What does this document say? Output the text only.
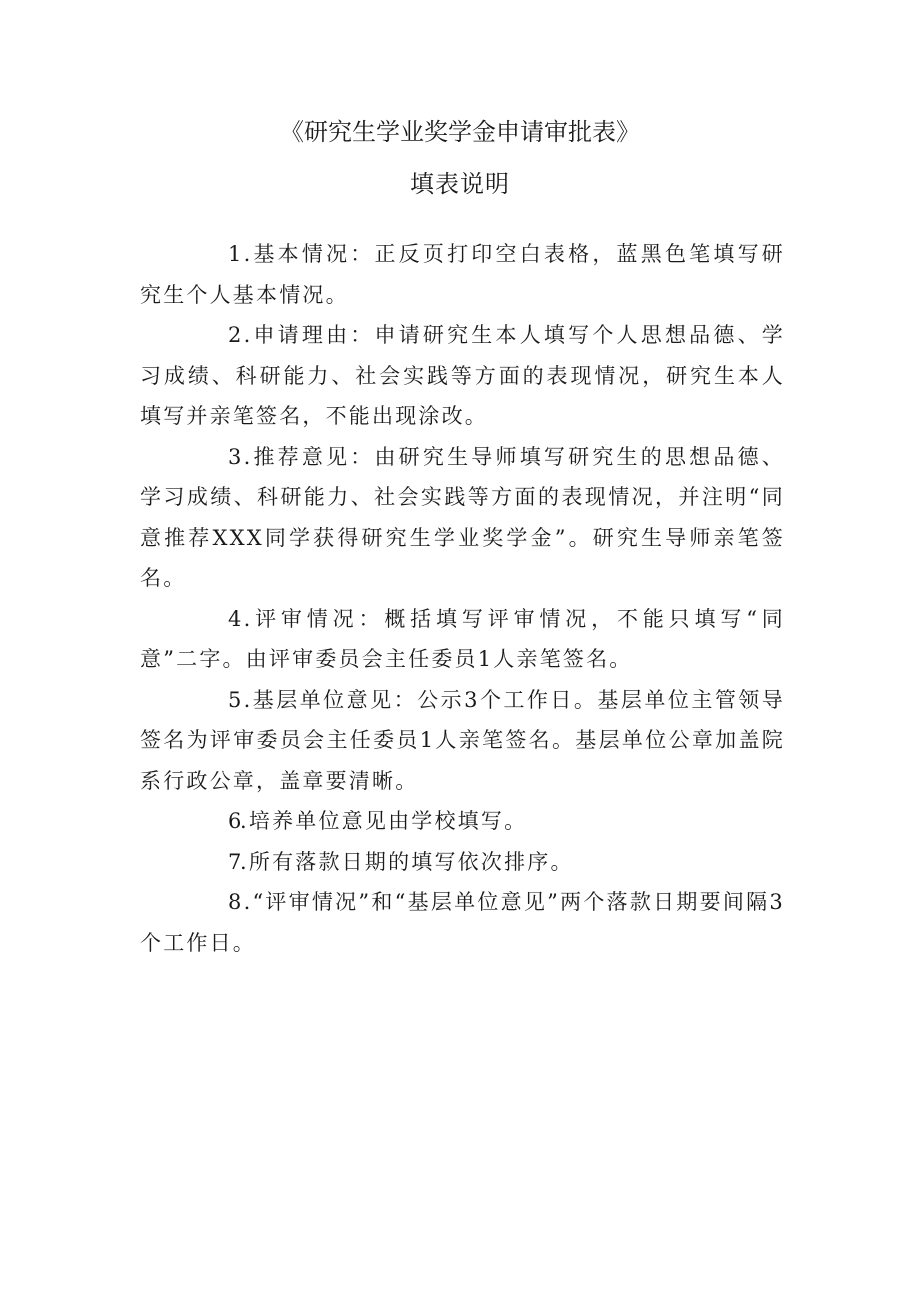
《研究生学业奖学金申请审批表》
填表说明

1.基本情况：正反页打印空白表格，蓝黑色笔填写研究生个人基本情况。

2.申请理由：申请研究生本人填写个人思想品德、学习成绩、科研能力、社会实践等方面的表现情况，研究生本人填写并亲笔签名，不能出现涂改。

3.推荐意见：由研究生导师填写研究生的思想品德、学习成绩、科研能力、社会实践等方面的表现情况，并注明“同意推荐XXX同学获得研究生学业奖学金”。研究生导师亲笔签名。

4.评审情况：概括填写评审情况，不能只填写“同意”二字。由评审委员会主任委员1人亲笔签名。

5.基层单位意见：公示3个工作日。基层单位主管领导签名为评审委员会主任委员1人亲笔签名。基层单位公章加盖院系行政公章，盖章要清晰。

6.培养单位意见由学校填写。

7.所有落款日期的填写依次排序。

8.“评审情况”和“基层单位意见”两个落款日期要间隔3个工作日。
